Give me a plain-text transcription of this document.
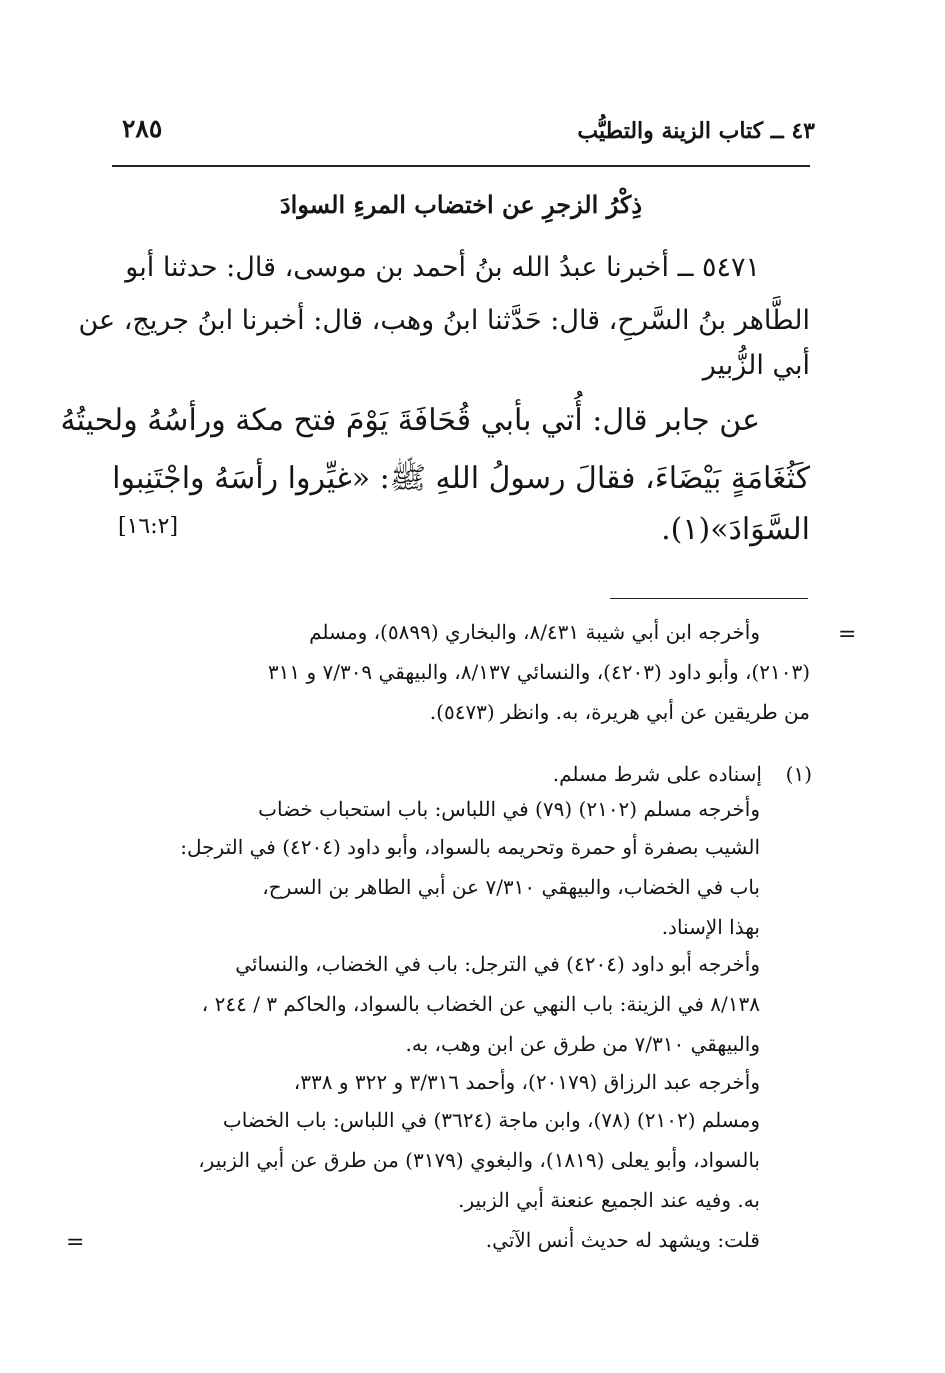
٤٣ ــ كتاب الزينة والتطيُّب
٢٨٥
ذِكْرُ الزجرِ عن اختضاب المرءِ السوادَ
٥٤٧١ ــ أخبرنا عبدُ الله بنُ أحمد بن موسى، قال: حدثنا أبو
الطَّاهر بنُ السَّرحِ، قال: حَدَّثنا ابنُ وهب، قال: أخبرنا ابنُ جريج، عن
أبي الزُّبير
عن جابر قال: أُتي بأبي قُحَافَةَ يَوْمَ فتح مكة ورأسُهُ ولحيتُهُ
كَثُغَامَةٍ بَيْضَاءَ، فقالَ رسولُ اللهِ ﷺ: «غيِّروا رأسَهُ واجْتَنِبوا
السَّوَادَ»(١).
[١٦:٢]
=
وأخرجه ابن أبي شيبة ٨/٤٣١، والبخاري (٥٨٩٩)، ومسلم
(٢١٠٣)، وأبو داود (٤٢٠٣)، والنسائي ٨/١٣٧، والبيهقي ٧/٣٠٩ و ٣١١
من طريقين عن أبي هريرة، به. وانظر (٥٤٧٣).
(١)
إسناده على شرط مسلم.
وأخرجه مسلم (٢١٠٢) (٧٩) في اللباس: باب استحباب خضاب
الشيب بصفرة أو حمرة وتحريمه بالسواد، وأبو داود (٤٢٠٤) في الترجل:
باب في الخضاب، والبيهقي ٧/٣١٠ عن أبي الطاهر بن السرح،
بهذا الإسناد.
وأخرجه أبو داود (٤٢٠٤) في الترجل: باب في الخضاب، والنسائي
٨/١٣٨ في الزينة: باب النهي عن الخضاب بالسواد، والحاكم ٣ / ٢٤٤ ،
والبيهقي ٧/٣١٠ من طرق عن ابن وهب، به.
وأخرجه عبد الرزاق (٢٠١٧٩)، وأحمد ٣/٣١٦ و ٣٢٢ و ٣٣٨،
ومسلم (٢١٠٢) (٧٨)، وابن ماجة (٣٦٢٤) في اللباس: باب الخضاب
بالسواد، وأبو يعلى (١٨١٩)، والبغوي (٣١٧٩) من طرق عن أبي الزبير،
به. وفيه عند الجميع عنعنة أبي الزبير.
قلت: ويشهد له حديث أنس الآتي.
=
